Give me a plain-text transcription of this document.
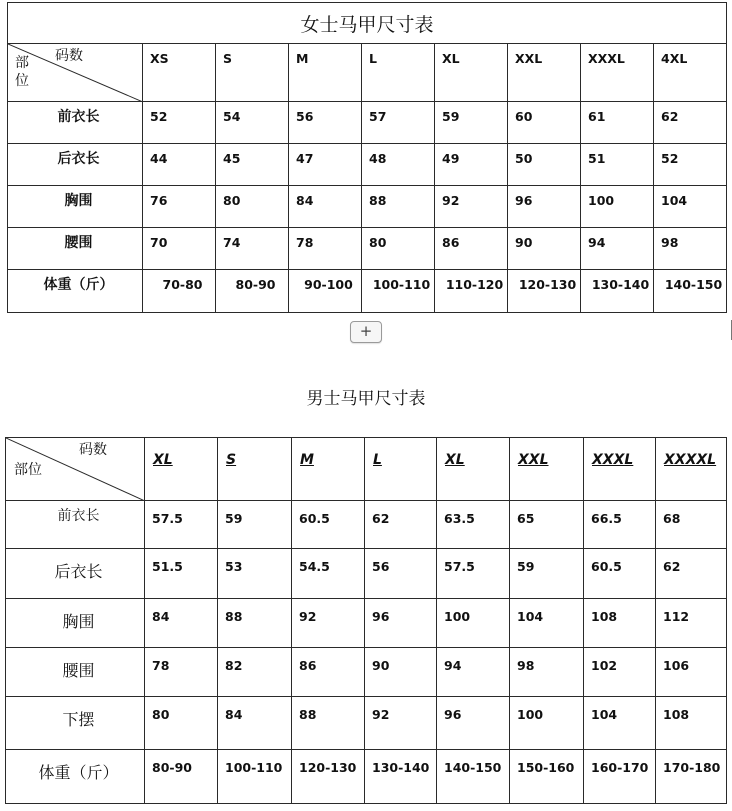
女士马甲尺寸表								

码数
部位	XS	S	M	L	XL	XXL	XXXL	4XL
前衣长	52	54	56	57	59	60	61	62
后衣长	44	45	47	48	49	50	51	52
胸围	76	80	84	88	92	96	100	104
腰围	70	74	78	80	86	90	94	98
体重（斤）	70-80	80-90	90-100	100-110	110-120	120-130	130-140	140-150
+
男士马甲尺寸表
码数
部位	XL	S	M	L	XL	XXL	XXXL	XXXXL
前衣长	57.5	59	60.5	62	63.5	65	66.5	68
后衣长	51.5	53	54.5	56	57.5	59	60.5	62
胸围	84	88	92	96	100	104	108	112
腰围	78	82	86	90	94	98	102	106
下摆	80	84	88	92	96	100	104	108
体重（斤）	80-90	100-110	120-130	130-140	140-150	150-160	160-170	170-180
